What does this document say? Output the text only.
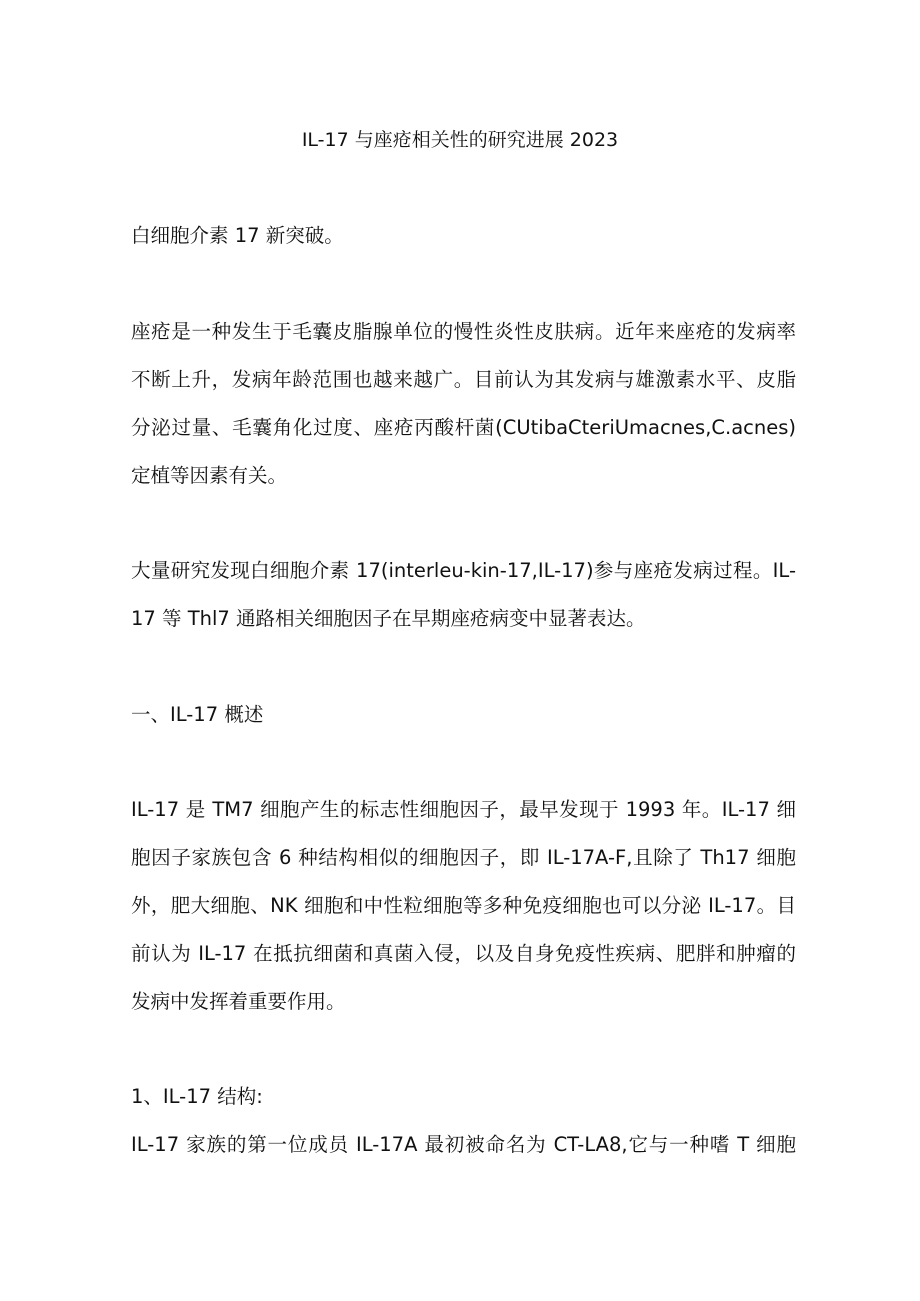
IL-17 与座疮相关性的研究进展 2023
白细胞介素 17 新突破。
座疮是一种发生于毛囊皮脂腺单位的慢性炎性皮肤病。近年来座疮的发病率
不断上升，发病年龄范围也越来越广。目前认为其发病与雄激素水平、皮脂
分泌过量、毛囊角化过度、座疮丙酸杆菌(CUtibaCteriUmacnes,C.acnes)
定植等因素有关。
大量研究发现白细胞介素 17(interleu-kin-17,IL-17)参与座疮发病过程。IL-
17 等 Thl7 通路相关细胞因子在早期座疮病变中显著表达。
一、IL-17 概述
IL-17 是 TM7 细胞产生的标志性细胞因子，最早发现于 1993 年。IL-17 细
胞因子家族包含 6 种结构相似的细胞因子，即 IL-17A-F,且除了 Th17 细胞
外，肥大细胞、NK 细胞和中性粒细胞等多种免疫细胞也可以分泌 IL-17。目
前认为 IL-17 在抵抗细菌和真菌入侵，以及自身免疫性疾病、肥胖和肿瘤的
发病中发挥着重要作用。
1、IL-17 结构:
IL-17 家族的第一位成员 IL-17A 最初被命名为 CT-LA8,它与一种嗜 T 细胞
